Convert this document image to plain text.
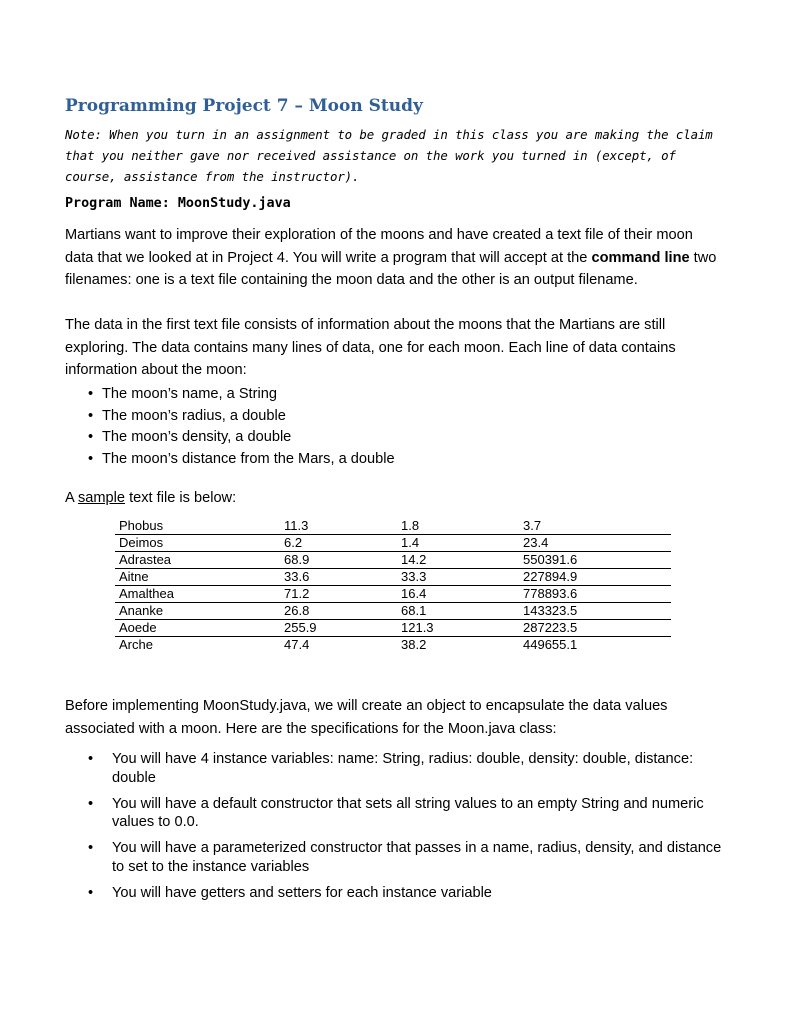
Programming Project 7 – Moon Study

Note: When you turn in an assignment to be graded in this class you are making the claim that you neither gave nor received assistance on the work you turned in (except, of course, assistance from the instructor).

Program Name: MoonStudy.java

Martians want to improve their exploration of the moons and have created a text file of their moon data that we looked at in Project 4. You will write a program that will accept at the command line two filenames: one is a text file containing the moon data and the other is an output filename.

The data in the first text file consists of information about the moons that the Martians are still exploring. The data contains many lines of data, one for each moon. Each line of data contains information about the moon:

• The moon’s name, a String
• The moon’s radius, a double
• The moon’s density, a double
• The moon’s distance from the Mars, a double

A sample text file is below:

Phobus	11.3	1.8	3.7
Deimos	6.2	1.4	23.4
Adrastea	68.9	14.2	550391.6
Aitne	33.6	33.3	227894.9
Amalthea	71.2	16.4	778893.6
Ananke	26.8	68.1	143323.5
Aoede	255.9	121.3	287223.5
Arche	47.4	38.2	449655.1

Before implementing MoonStudy.java, we will create an object to encapsulate the data values associated with a moon. Here are the specifications for the Moon.java class:

• You will have 4 instance variables: name: String, radius: double, density: double, distance: double
• You will have a default constructor that sets all string values to an empty String and numeric values to 0.0.
• You will have a parameterized constructor that passes in a name, radius, density, and distance to set to the instance variables
• You will have getters and setters for each instance variable
